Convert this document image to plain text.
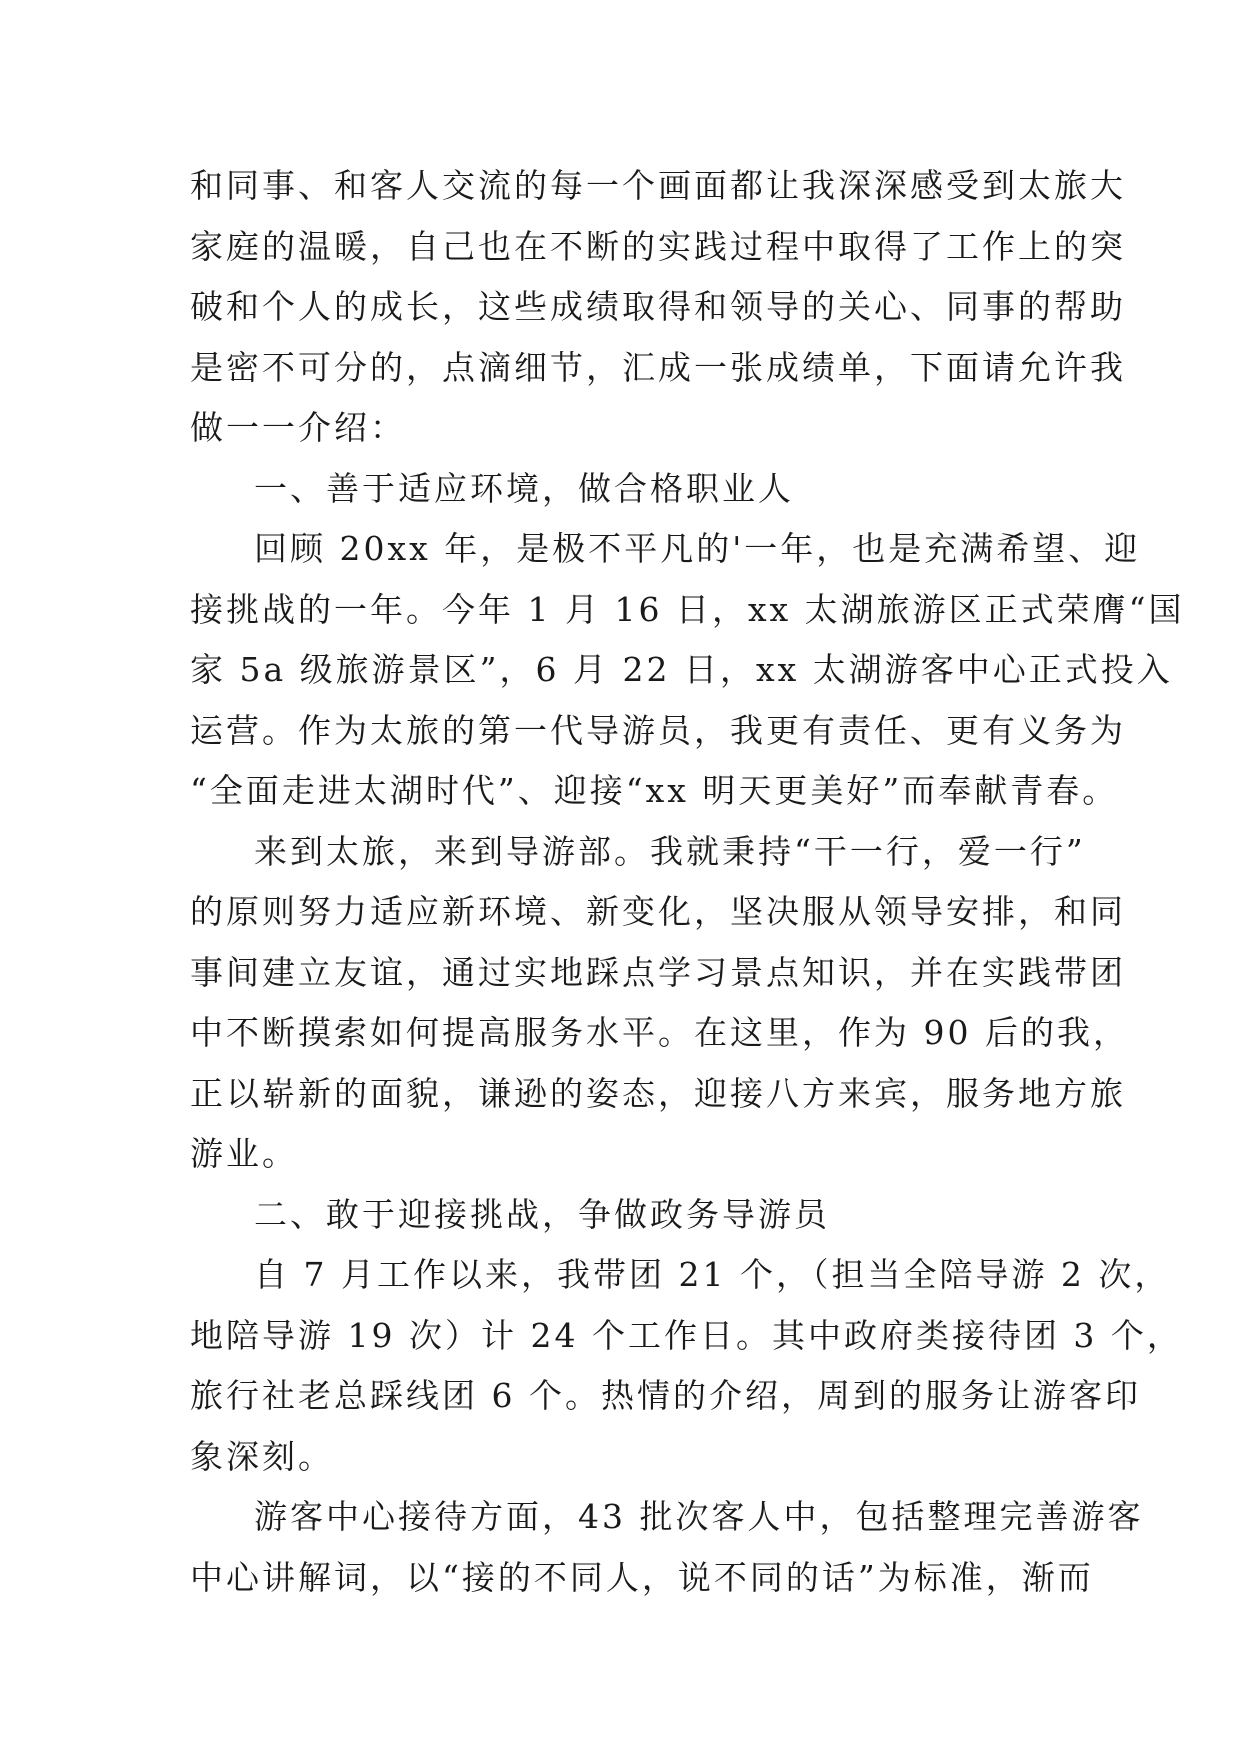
和同事、和客人交流的每一个画面都让我深深感受到太旅大
家庭的温暖，自己也在不断的实践过程中取得了工作上的突
破和个人的成长，这些成绩取得和领导的关心、同事的帮助
是密不可分的，点滴细节，汇成一张成绩单，下面请允许我
做一一介绍：

一、善于适应环境，做合格职业人

回顾 20xx 年，是极不平凡的'一年，也是充满希望、迎
接挑战的一年。今年 1 月 16 日，xx 太湖旅游区正式荣膺“国
家 5a 级旅游景区”，6 月 22 日，xx 太湖游客中心正式投入
运营。作为太旅的第一代导游员，我更有责任、更有义务为
“全面走进太湖时代”、迎接“xx 明天更美好”而奉献青春。

来到太旅，来到导游部。我就秉持“干一行，爱一行”
的原则努力适应新环境、新变化，坚决服从领导安排，和同
事间建立友谊，通过实地踩点学习景点知识，并在实践带团
中不断摸索如何提高服务水平。在这里，作为 90 后的我，
正以崭新的面貌，谦逊的姿态，迎接八方来宾，服务地方旅
游业。

二、敢于迎接挑战，争做政务导游员

自 7 月工作以来，我带团 21 个，（担当全陪导游 2 次，
地陪导游 19 次）计 24 个工作日。其中政府类接待团 3 个，
旅行社老总踩线团 6 个。热情的介绍，周到的服务让游客印
象深刻。

游客中心接待方面，43 批次客人中，包括整理完善游客
中心讲解词，以“接的不同人，说不同的话”为标准，渐而
